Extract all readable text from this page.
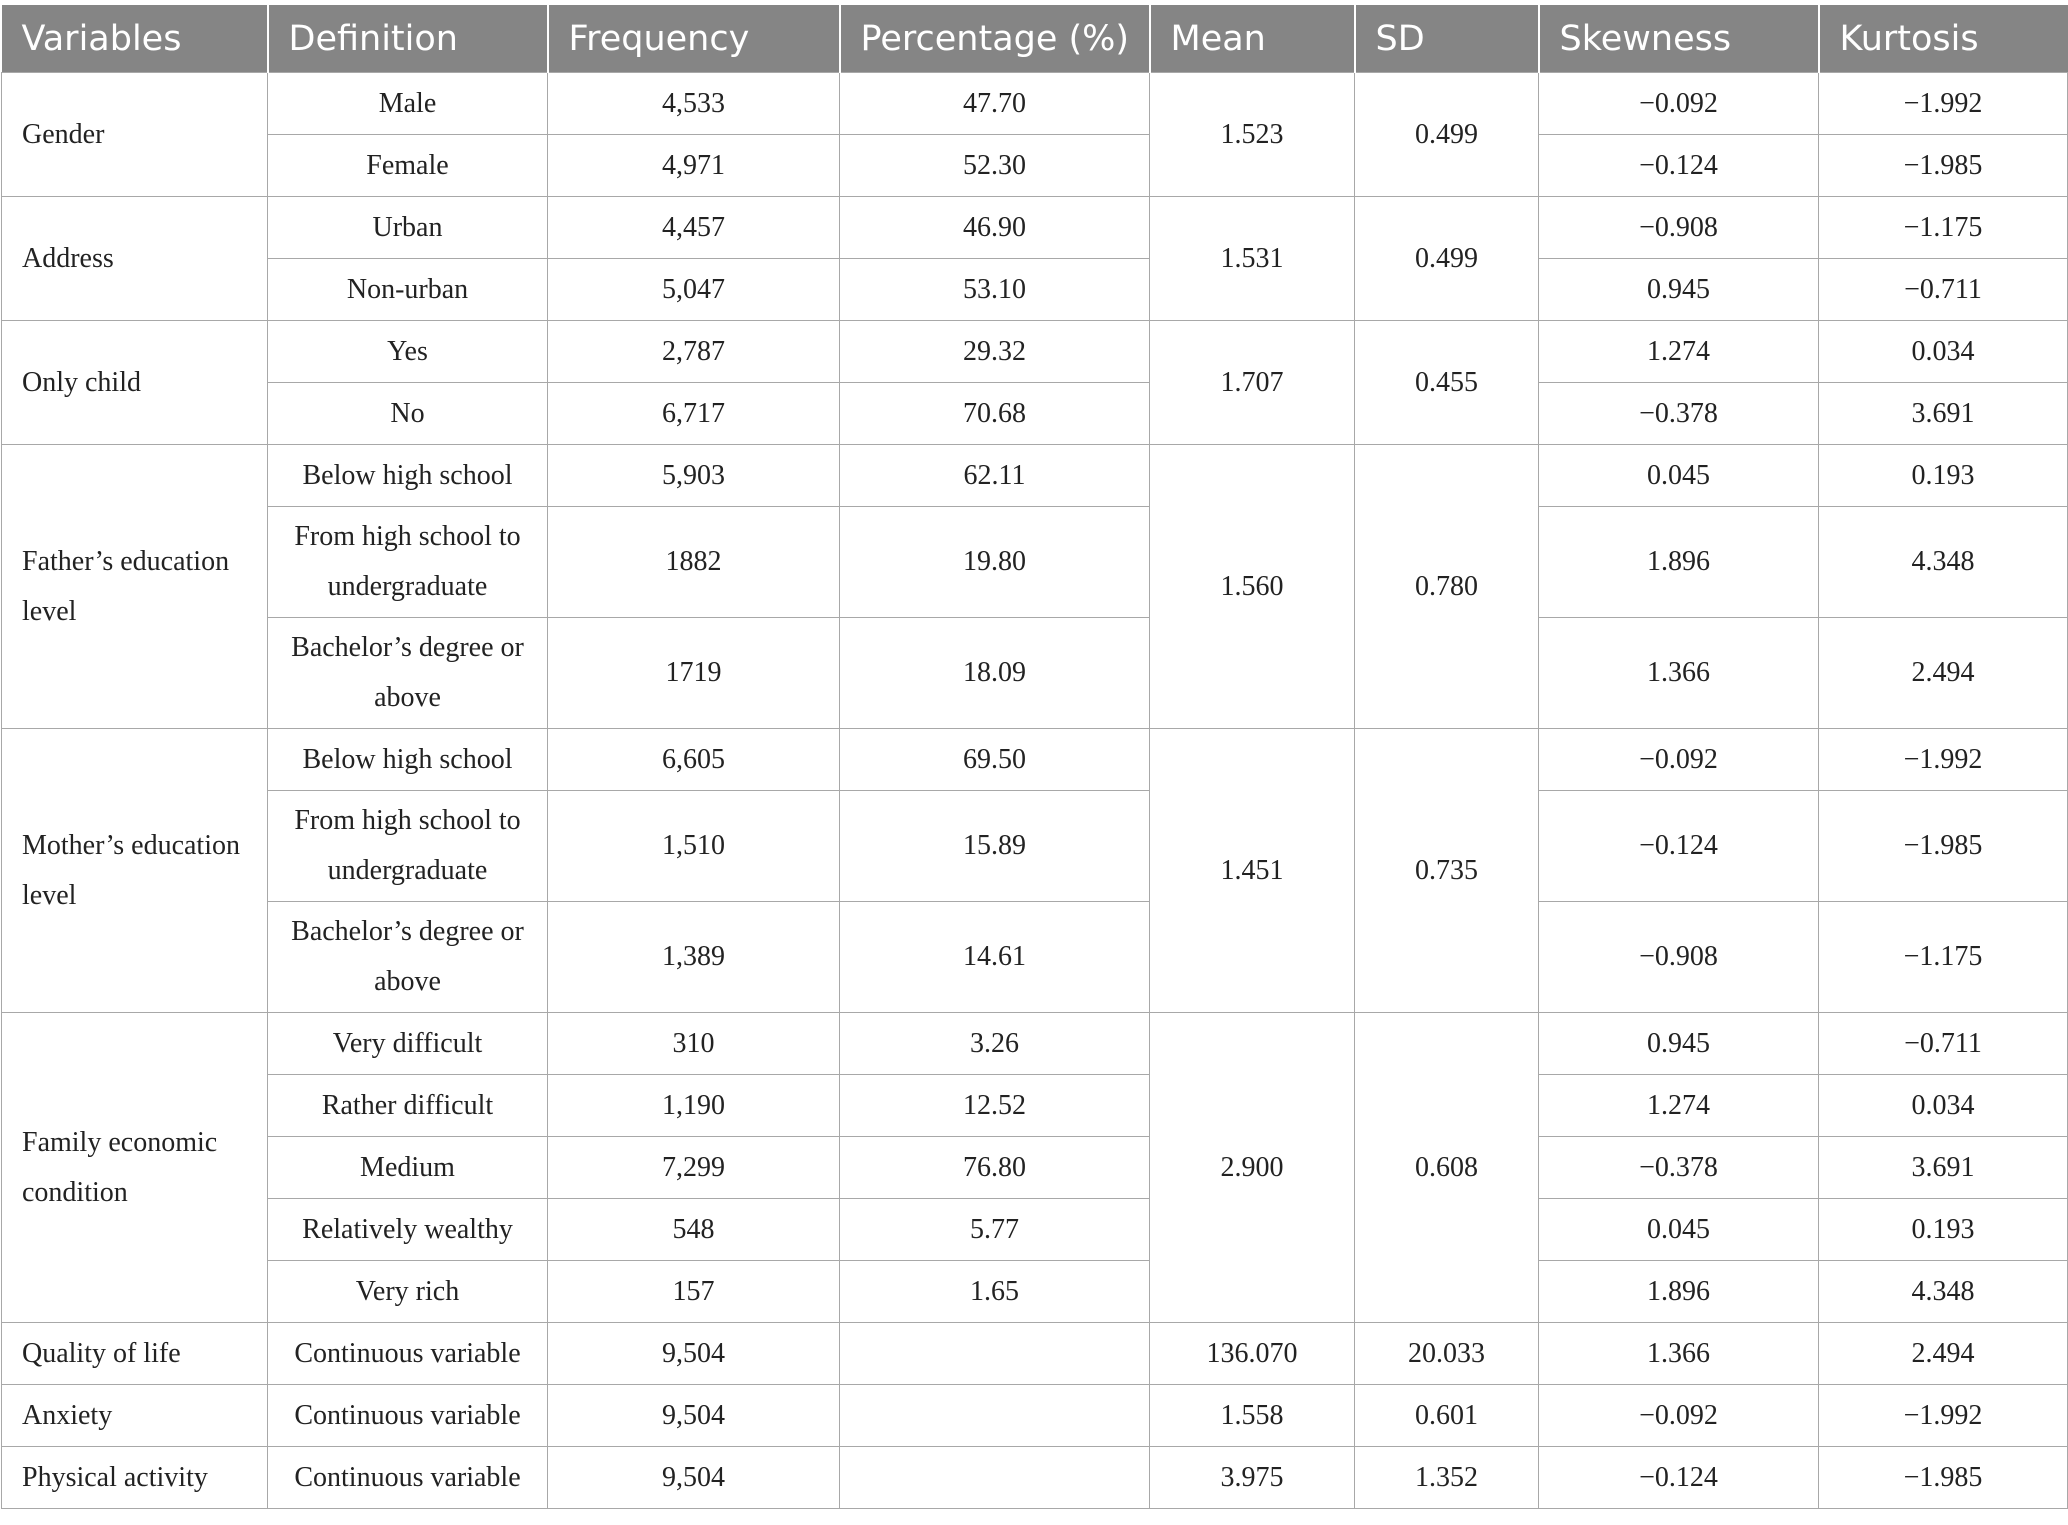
Variables	Definition	Frequency	Percentage (%)	Mean	SD	Skewness	Kurtosis
Gender	Male	4,533	47.70	1.523	0.499	−0.092	−1.992
	Female	4,971	52.30			−0.124	−1.985
Address	Urban	4,457	46.90	1.531	0.499	−0.908	−1.175
	Non-urban	5,047	53.10			0.945	−0.711
Only child	Yes	2,787	29.32	1.707	0.455	1.274	0.034
	No	6,717	70.68			−0.378	3.691
Father’s education level	Below high school	5,903	62.11	1.560	0.780	0.045	0.193
	From high school to undergraduate	1882	19.80			1.896	4.348
	Bachelor’s degree or above	1719	18.09			1.366	2.494
Mother’s education level	Below high school	6,605	69.50	1.451	0.735	−0.092	−1.992
	From high school to undergraduate	1,510	15.89			−0.124	−1.985
	Bachelor’s degree or above	1,389	14.61			−0.908	−1.175
Family economic condition	Very difficult	310	3.26	2.900	0.608	0.945	−0.711
	Rather difficult	1,190	12.52			1.274	0.034
	Medium	7,299	76.80			−0.378	3.691
	Relatively wealthy	548	5.77			0.045	0.193
	Very rich	157	1.65			1.896	4.348
Quality of life	Continuous variable	9,504		136.070	20.033	1.366	2.494
Anxiety	Continuous variable	9,504		1.558	0.601	−0.092	−1.992
Physical activity	Continuous variable	9,504		3.975	1.352	−0.124	−1.985
